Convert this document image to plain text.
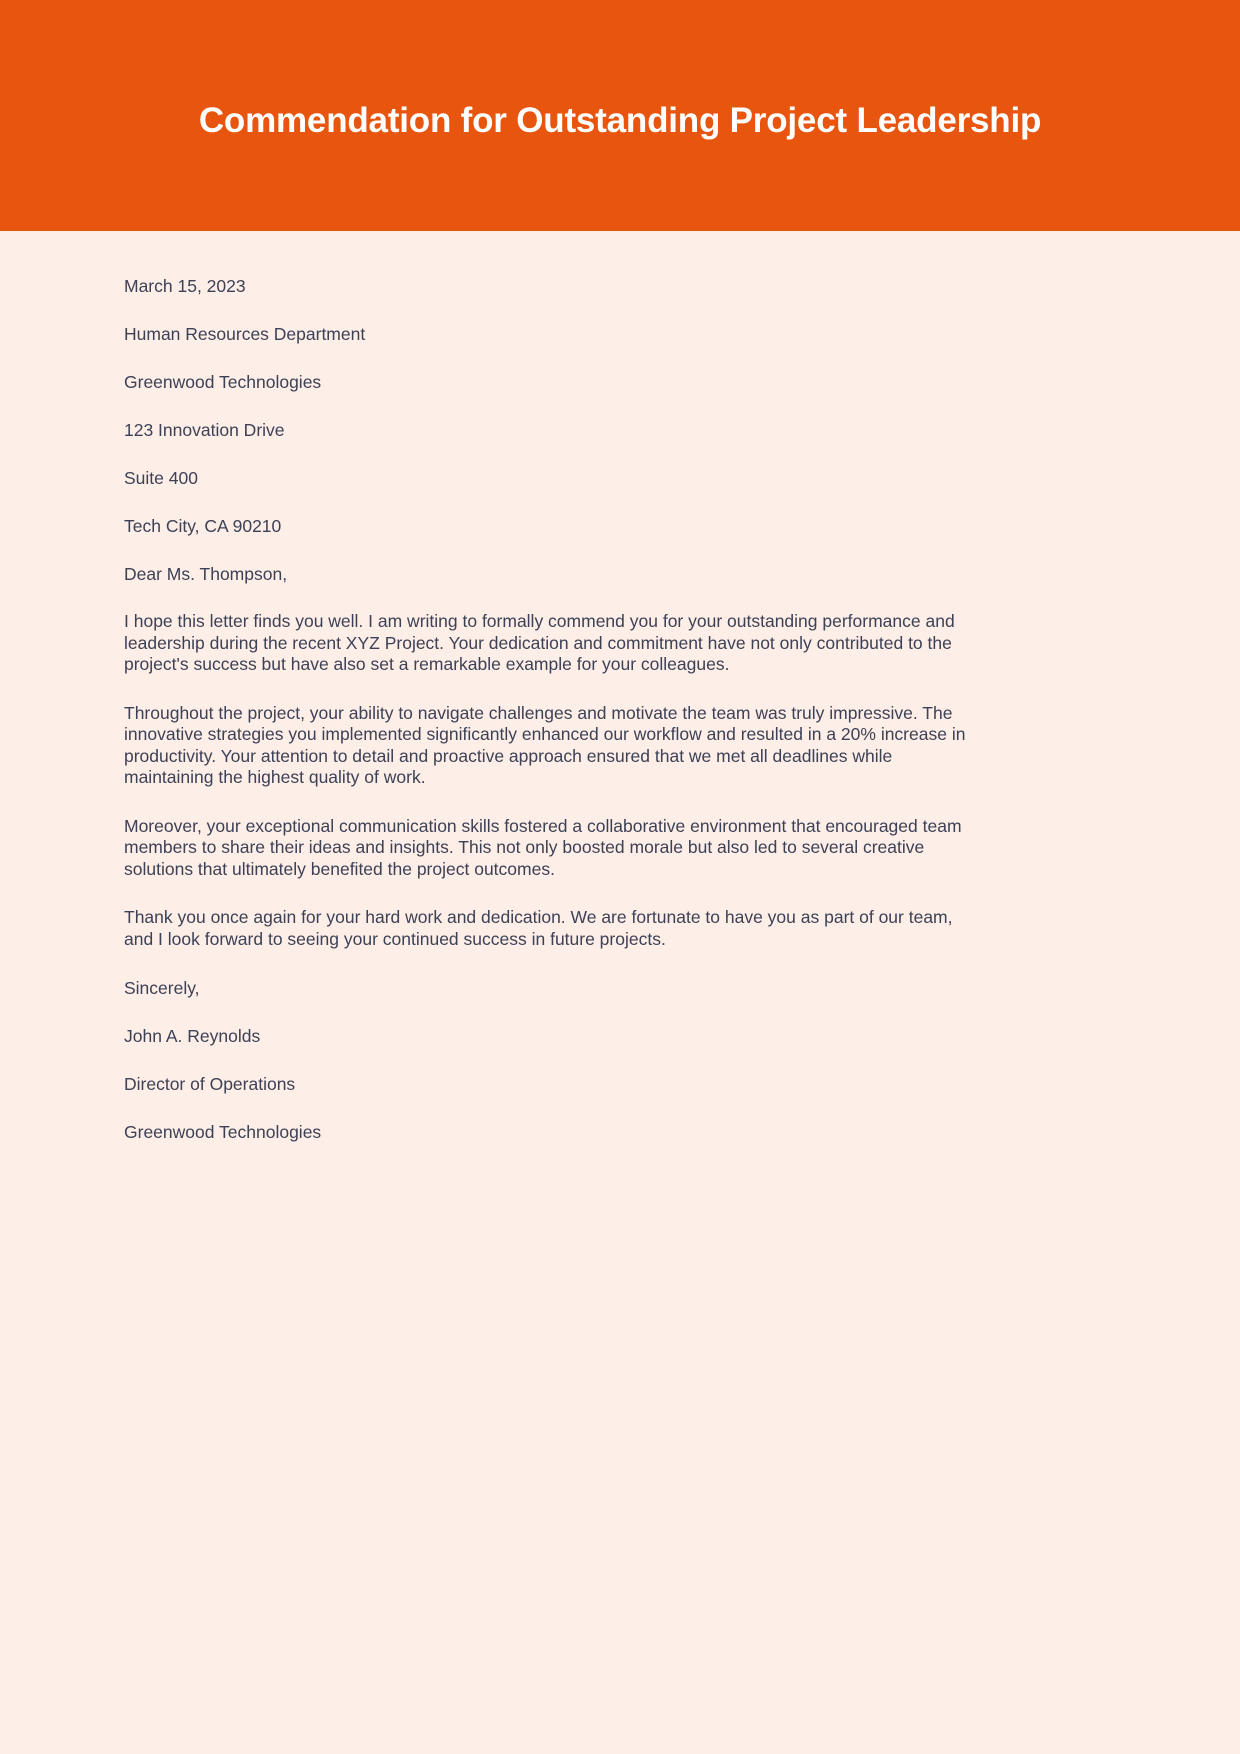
Commendation for Outstanding Project Leadership

March 15, 2023

Human Resources Department

Greenwood Technologies

123 Innovation Drive

Suite 400

Tech City, CA 90210

Dear Ms. Thompson,

I hope this letter finds you well. I am writing to formally commend you for your outstanding performance and leadership during the recent XYZ Project. Your dedication and commitment have not only contributed to the project's success but have also set a remarkable example for your colleagues.

Throughout the project, your ability to navigate challenges and motivate the team was truly impressive. The innovative strategies you implemented significantly enhanced our workflow and resulted in a 20% increase in productivity. Your attention to detail and proactive approach ensured that we met all deadlines while maintaining the highest quality of work.

Moreover, your exceptional communication skills fostered a collaborative environment that encouraged team members to share their ideas and insights. This not only boosted morale but also led to several creative solutions that ultimately benefited the project outcomes.

Thank you once again for your hard work and dedication. We are fortunate to have you as part of our team, and I look forward to seeing your continued success in future projects.

Sincerely,

John A. Reynolds

Director of Operations

Greenwood Technologies
